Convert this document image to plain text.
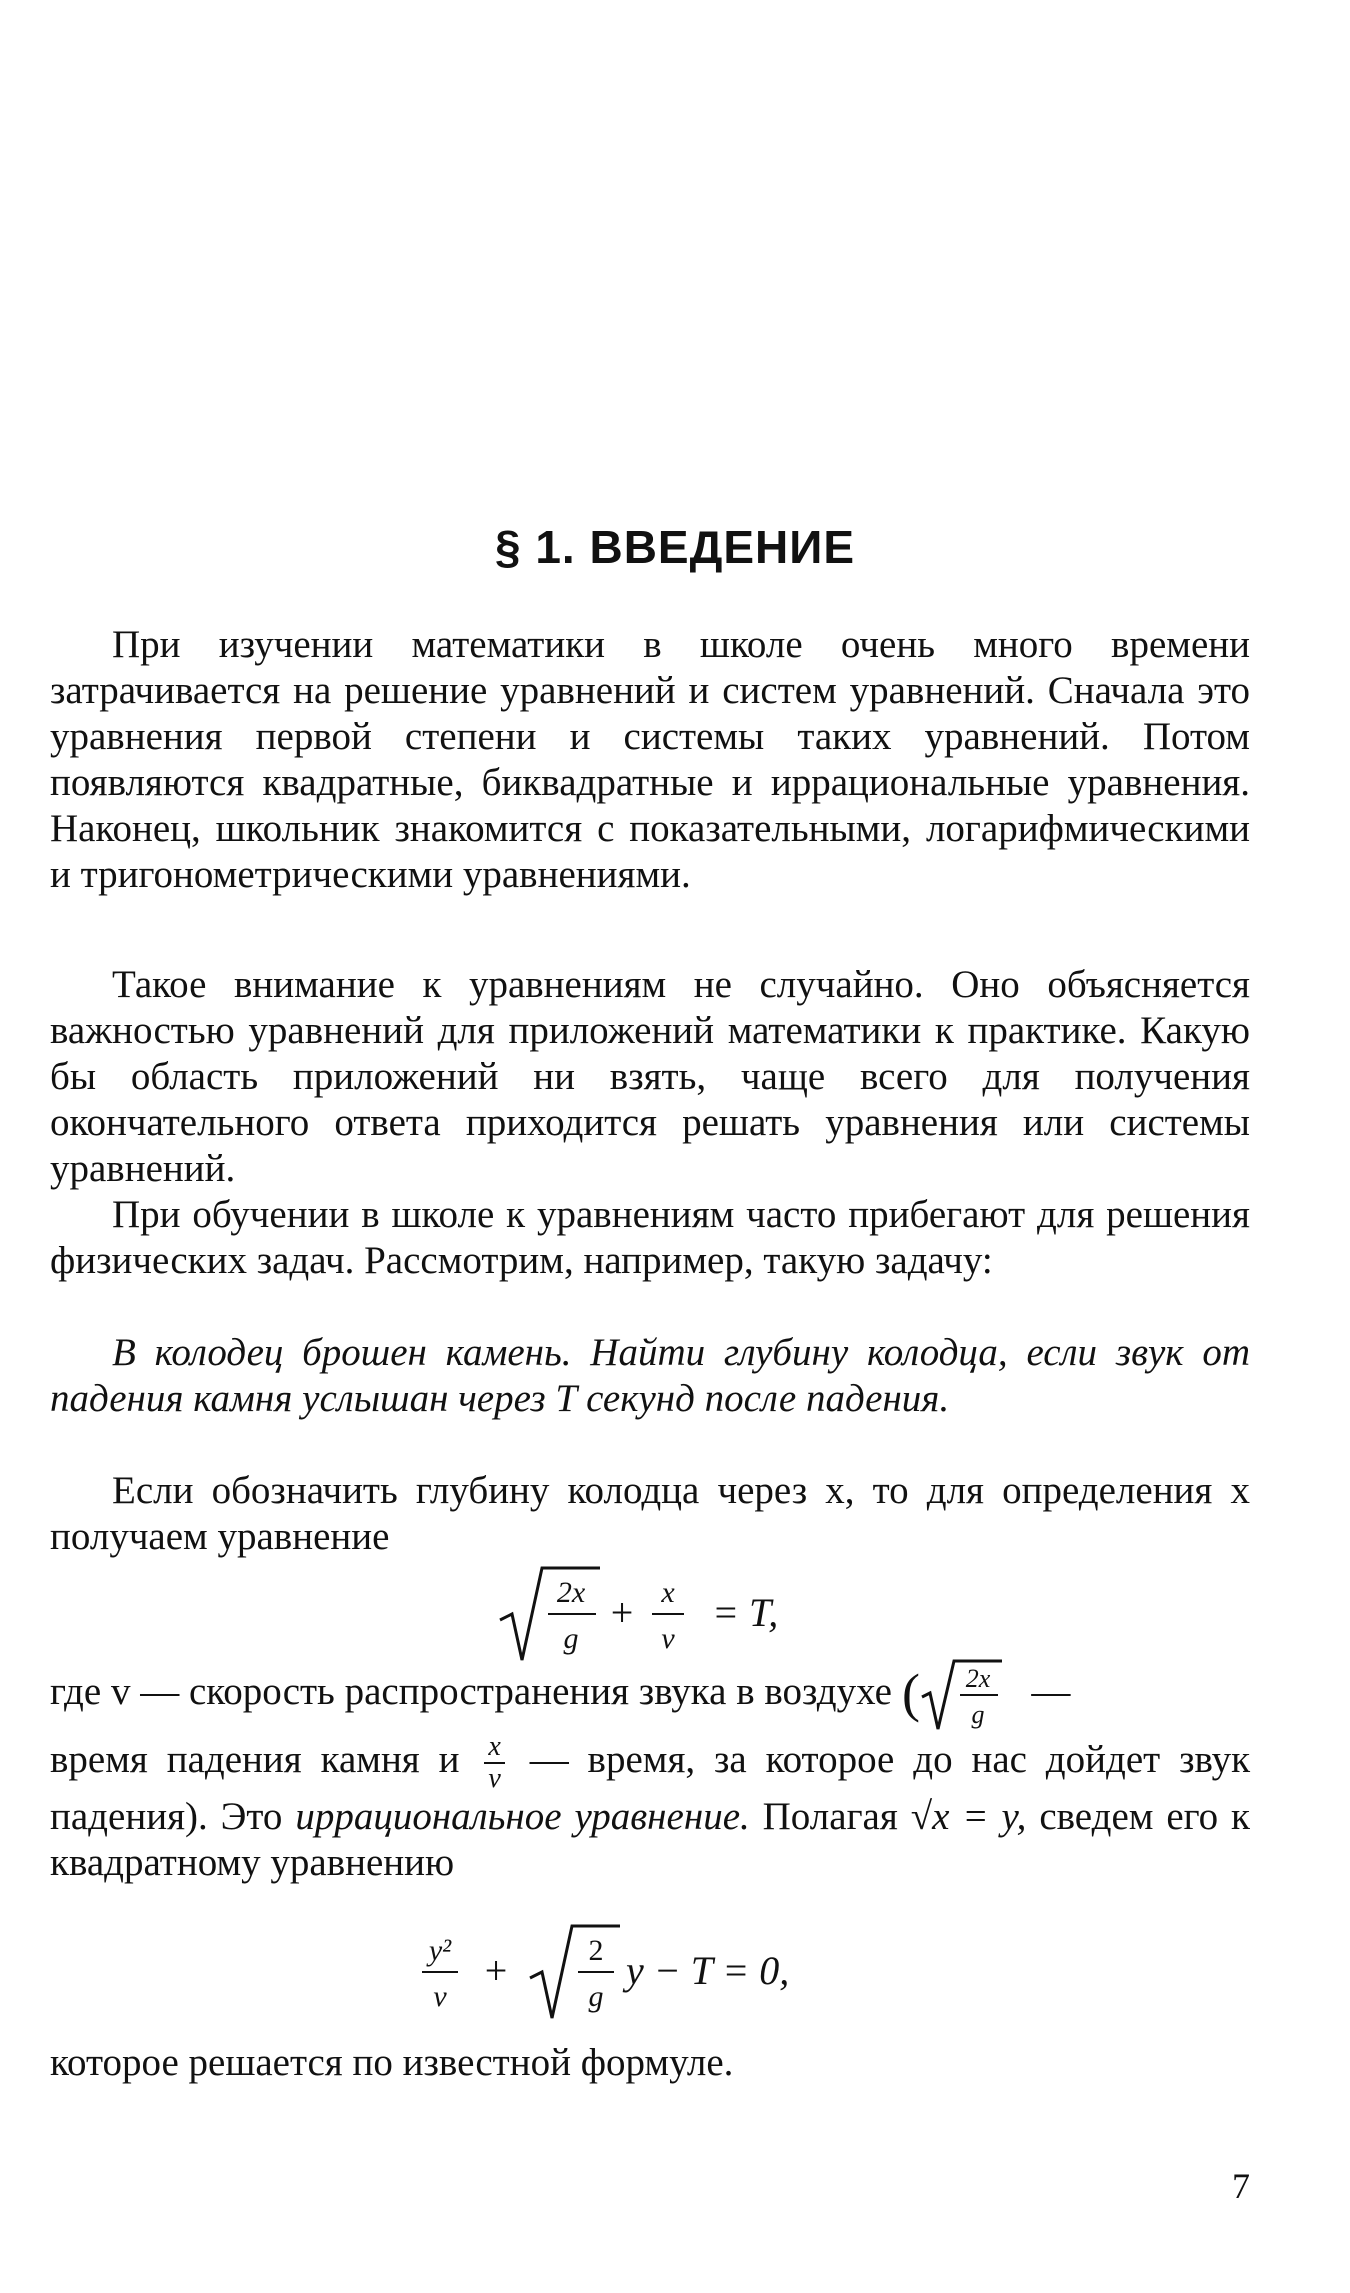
§ 1. ВВЕДЕНИЕ

При изучении математики в школе очень много времени затрачивается на решение уравнений и систем уравнений. Сначала это уравнения первой степени и системы таких уравнений. Потом появляются квадратные, биквадратные и иррациональные уравнения. Наконец, школьник знакомится с показательными, логарифмическими и тригонометрическими уравнениями.

Такое внимание к уравнениям не случайно. Оно объясняется важностью уравнений для приложений математики к практике. Какую бы область приложений ни взять, чаще всего для получения окончательного ответа приходится решать уравнения или системы уравнений.

При обучении в школе к уравнениям часто прибегают для решения физических задач. Рассмотрим, например, такую задачу:

В колодец брошен камень. Найти глубину колодца, если звук от падения камня услышан через T секунд после падения.

Если обозначить глубину колодца через x, то для определения x получаем уравнение

2x
g
+ x
v
= T,
где v — скорость распространения звука в воздухе ( 2x
g
—
время падения камня и $\frac{x}{v}$ — время, за которое до нас дойдет звук падения). Это иррациональное уравнение. Полагая √x = y, сведем его к квадратному уравнению
y²
v
+	2
g
y − T = 0,

которое решается по известной формуле.

7
